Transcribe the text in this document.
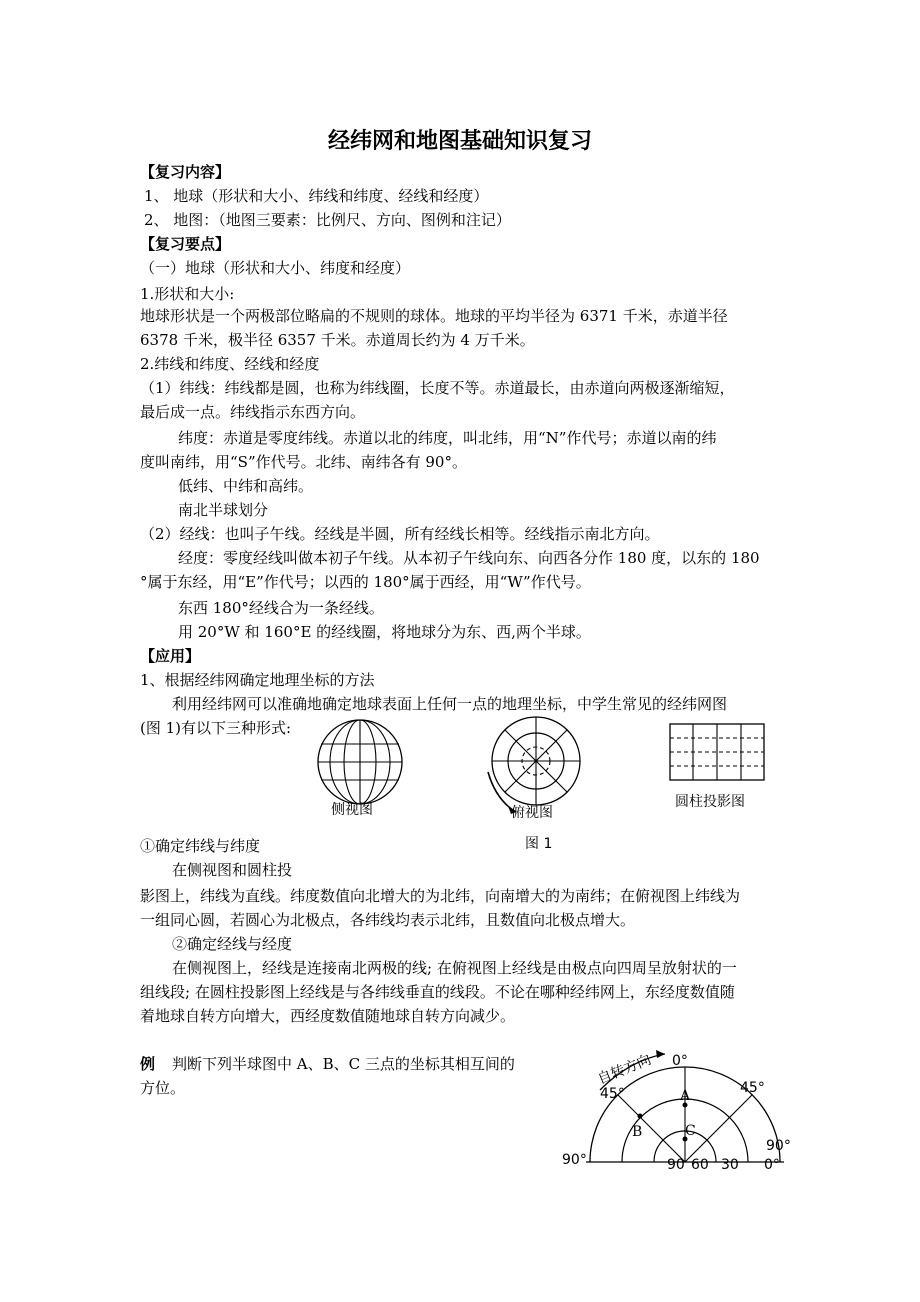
经纬网和地图基础知识复习
【复习内容】
1、 地球（形状和大小、纬线和纬度、经线和经度）
2、 地图：（地图三要素：比例尺、方向、图例和注记）
【复习要点】
（一）地球（形状和大小、纬度和经度）
1.形状和大小:
地球形状是一个两极部位略扁的不规则的球体。地球的平均半径为 6371 千米，赤道半径
6378 千米，极半径 6357 千米。赤道周长约为 4 万千米。
2.纬线和纬度、经线和经度
（1）纬线：纬线都是圆，也称为纬线圈，长度不等。赤道最长，由赤道向两极逐渐缩短，
最后成一点。纬线指示东西方向。
纬度：赤道是零度纬线。赤道以北的纬度，叫北纬，用“N”作代号；赤道以南的纬
度叫南纬，用“S”作代号。北纬、南纬各有 90°。
低纬、中纬和高纬。
南北半球划分
（2）经线：也叫子午线。经线是半圆，所有经线长相等。经线指示南北方向。
经度：零度经线叫做本初子午线。从本初子午线向东、向西各分作 180 度，以东的 180
°属于东经，用“E”作代号；以西的 180°属于西经，用“W”作代号。
东西 180°经线合为一条经线。
用 20°W 和 160°E 的经线圈，将地球分为东、西,两个半球。
【应用】
1、根据经纬网确定地理坐标的方法
利用经纬网可以准确地确定地球表面上任何一点的地理坐标，中学生常见的经纬网图
(图 1)有以下三种形式:
侧视图	俯视图
图 1
圆柱投影图
①确定纬线与纬度
在侧视图和圆柱投
影图上，纬线为直线。纬度数值向北增大的为北纬，向南增大的为南纬；在俯视图上纬线为
一组同心圆，若圆心为北极点，各纬线均表示北纬，且数值向北极点增大。
②确定经线与经度
在侧视图上，经线是连接南北两极的线; 在俯视图上经线是由极点向四周呈放射状的一
组线段; 在圆柱投影图上经线是与各纬线垂直的线段。不论在哪种经纬网上，东经度数值随
着地球自转方向增大，西经度数值随地球自转方向减少。
例 判断下列半球图中 A、B、C 三点的坐标其相互间的
方位。
自转方向 0°
45°	45°
90°
90°
A
B	C
90 60 30 0°
